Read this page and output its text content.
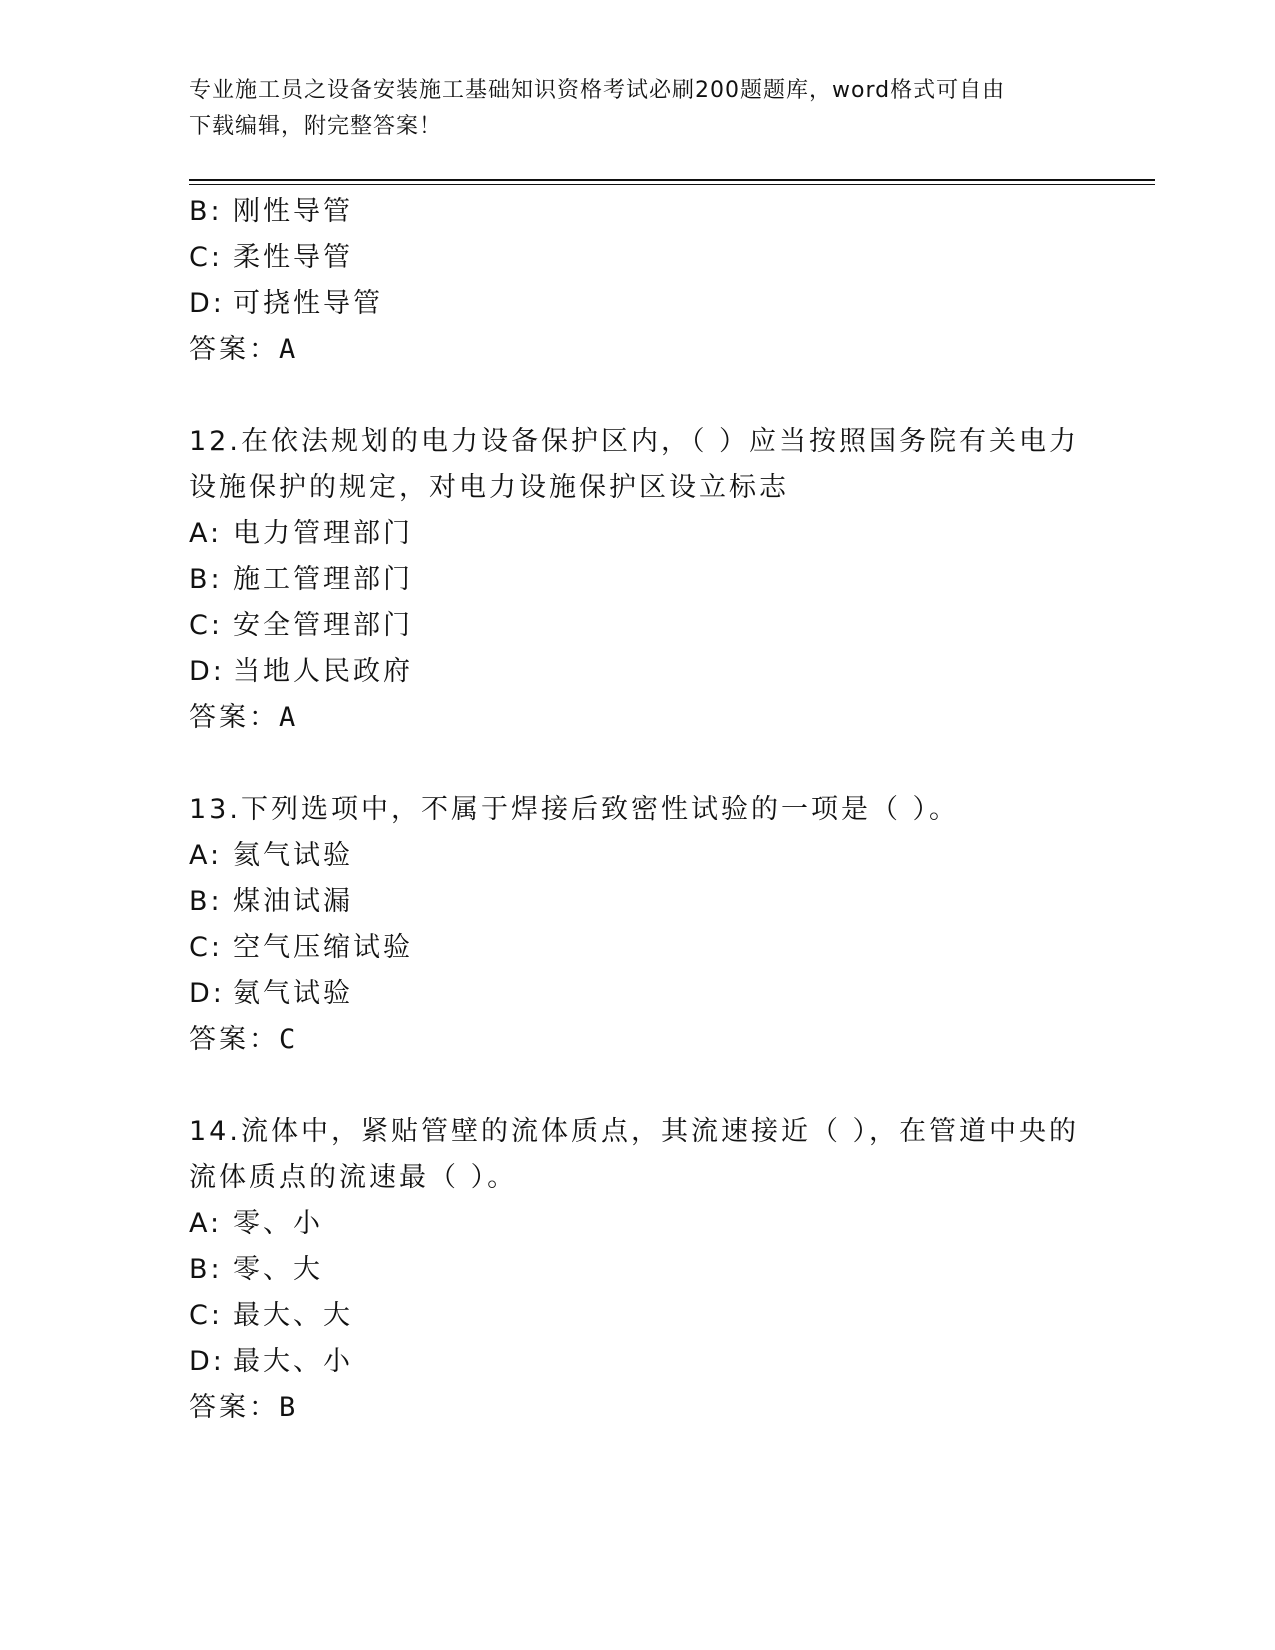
专业施工员之设备安装施工基础知识资格考试必刷200题题库，word格式可自由
下载编辑，附完整答案！
B: 刚性导管
C: 柔性导管
D: 可挠性导管
答案：A
12.在依法规划的电力设备保护区内，（ ）应当按照国务院有关电力
设施保护的规定，对电力设施保护区设立标志
A: 电力管理部门
B: 施工管理部门
C: 安全管理部门
D: 当地人民政府
答案：A
13.下列选项中，不属于焊接后致密性试验的一项是（ ）。
A: 氦气试验
B: 煤油试漏
C: 空气压缩试验
D: 氨气试验
答案：C
14.流体中，紧贴管壁的流体质点，其流速接近（ ），在管道中央的
流体质点的流速最（ ）。
A: 零、小
B: 零、大
C: 最大、大
D: 最大、小
答案：B
